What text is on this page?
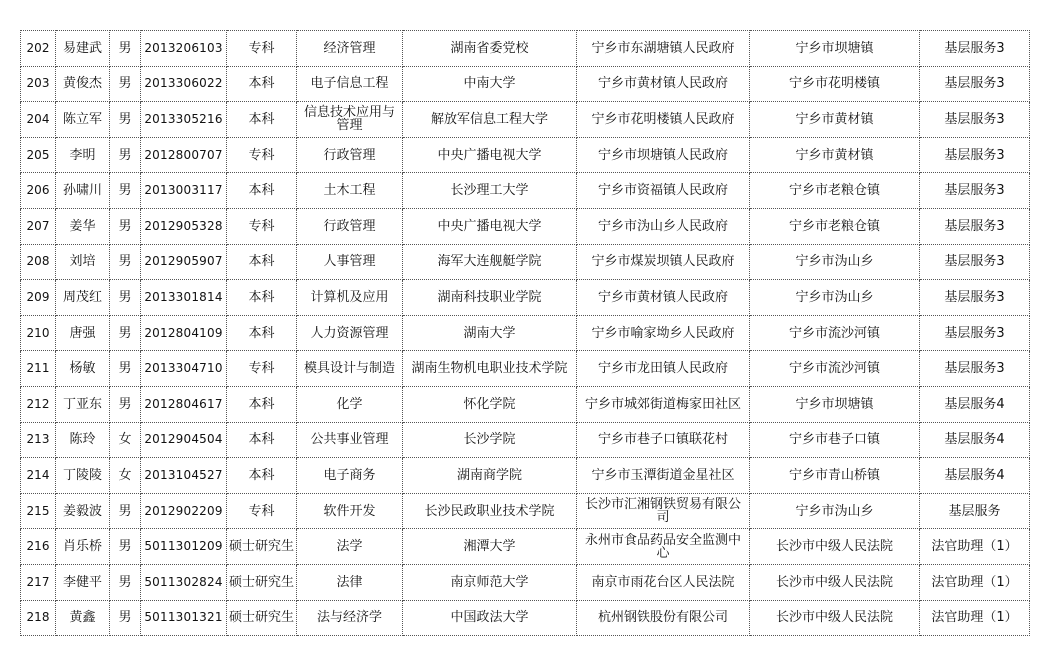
202	易建武	男	2013206103	专科	经济管理	湖南省委党校	宁乡市东湖塘镇人民政府	宁乡市坝塘镇	基层服务3
203	黄俊杰	男	2013306022	本科	电子信息工程	中南大学	宁乡市黄材镇人民政府	宁乡市花明楼镇	基层服务3
204	陈立军	男	2013305216	本科	信息技术应用与管理	解放军信息工程大学	宁乡市花明楼镇人民政府	宁乡市黄材镇	基层服务3
205	李明	男	2012800707	专科	行政管理	中央广播电视大学	宁乡市坝塘镇人民政府	宁乡市黄材镇	基层服务3
206	孙啸川	男	2013003117	本科	土木工程	长沙理工大学	宁乡市资福镇人民政府	宁乡市老粮仓镇	基层服务3
207	姜华	男	2012905328	专科	行政管理	中央广播电视大学	宁乡市沩山乡人民政府	宁乡市老粮仓镇	基层服务3
208	刘培	男	2012905907	本科	人事管理	海军大连舰艇学院	宁乡市煤炭坝镇人民政府	宁乡市沩山乡	基层服务3
209	周茂红	男	2013301814	本科	计算机及应用	湖南科技职业学院	宁乡市黄材镇人民政府	宁乡市沩山乡	基层服务3
210	唐强	男	2012804109	本科	人力资源管理	湖南大学	宁乡市喻家坳乡人民政府	宁乡市流沙河镇	基层服务3
211	杨敏	男	2013304710	专科	模具设计与制造	湖南生物机电职业技术学院	宁乡市龙田镇人民政府	宁乡市流沙河镇	基层服务3
212	丁亚东	男	2012804617	本科	化学	怀化学院	宁乡市城郊街道梅家田社区	宁乡市坝塘镇	基层服务4
213	陈玲	女	2012904504	本科	公共事业管理	长沙学院	宁乡市巷子口镇联花村	宁乡市巷子口镇	基层服务4
214	丁陵陵	女	2013104527	本科	电子商务	湖南商学院	宁乡市玉潭街道金星社区	宁乡市青山桥镇	基层服务4
215	姜毅波	男	2012902209	专科	软件开发	长沙民政职业技术学院	长沙市汇湘钢铁贸易有限公司	宁乡市沩山乡	基层服务
216	肖乐桥	男	5011301209	硕士研究生	法学	湘潭大学	永州市食品药品安全监测中心	长沙市中级人民法院	法官助理（1）
217	李健平	男	5011302824	硕士研究生	法律	南京师范大学	南京市雨花台区人民法院	长沙市中级人民法院	法官助理（1）
218	黄鑫	男	5011301321	硕士研究生	法与经济学	中国政法大学	杭州钢铁股份有限公司	长沙市中级人民法院	法官助理（1）
